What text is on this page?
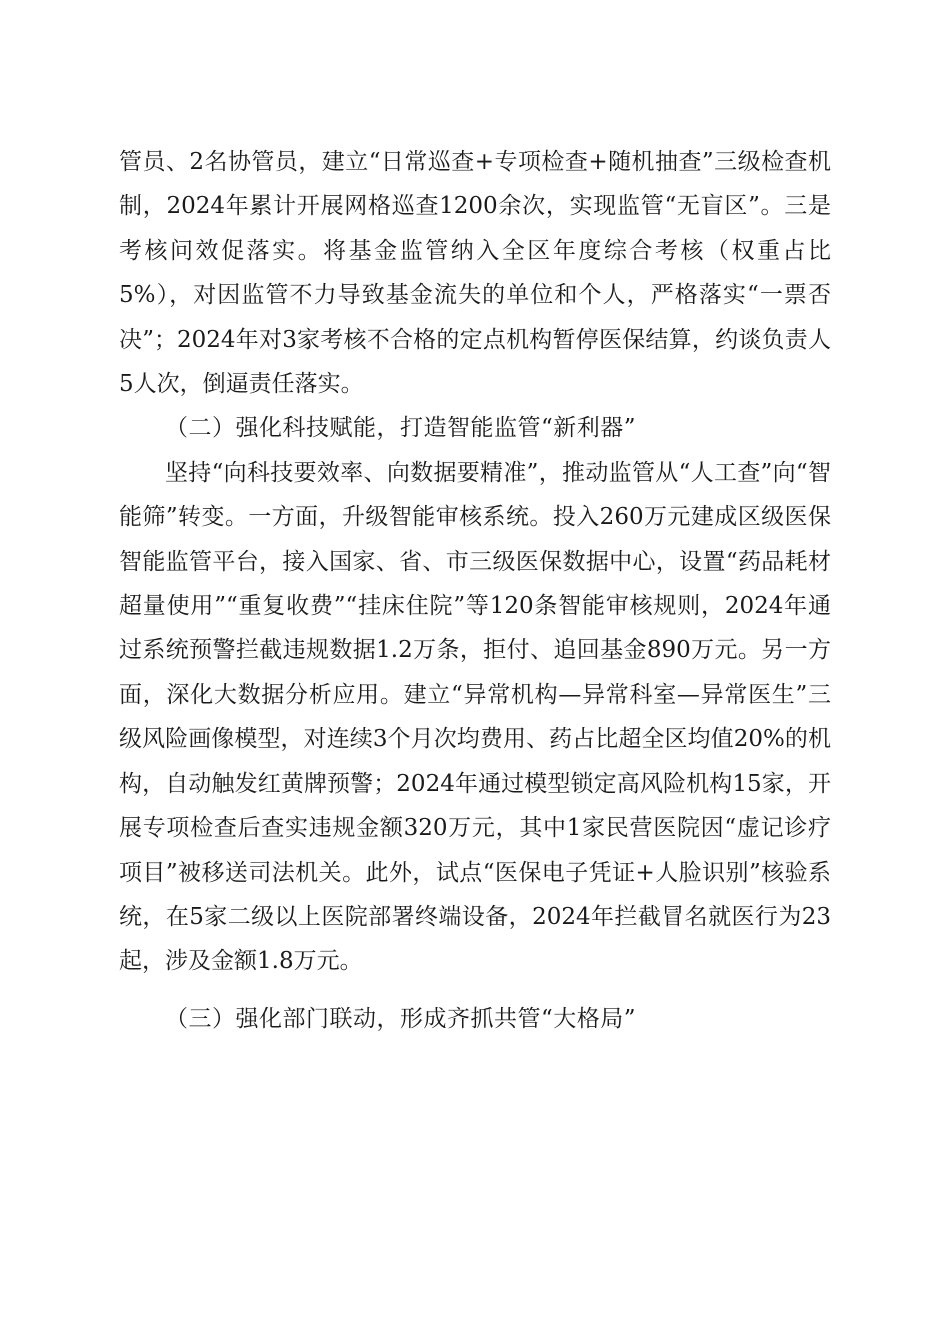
管员、2名协管员，建立“日常巡查+专项检查+随机抽查”三级检查机制，2024年累计开展网格巡查1200余次，实现监管“无盲区”。三是考核问效促落实。将基金监管纳入全区年度综合考核（权重占比5%），对因监管不力导致基金流失的单位和个人，严格落实“一票否决”；2024年对3家考核不合格的定点机构暂停医保结算，约谈负责人5人次，倒逼责任落实。

（二）强化科技赋能，打造智能监管“新利器”

坚持“向科技要效率、向数据要精准”，推动监管从“人工查”向“智能筛”转变。一方面，升级智能审核系统。投入260万元建成区级医保智能监管平台，接入国家、省、市三级医保数据中心，设置“药品耗材超量使用”“重复收费”“挂床住院”等120条智能审核规则，2024年通过系统预警拦截违规数据1.2万条，拒付、追回基金890万元。另一方面，深化大数据分析应用。建立“异常机构—异常科室—异常医生”三级风险画像模型，对连续3个月次均费用、药占比超全区均值20%的机构，自动触发红黄牌预警；2024年通过模型锁定高风险机构15家，开展专项检查后查实违规金额320万元，其中1家民营医院因“虚记诊疗项目”被移送司法机关。此外，试点“医保电子凭证+人脸识别”核验系统，在5家二级以上医院部署终端设备，2024年拦截冒名就医行为23起，涉及金额1.8万元。

（三）强化部门联动，形成齐抓共管“大格局”
